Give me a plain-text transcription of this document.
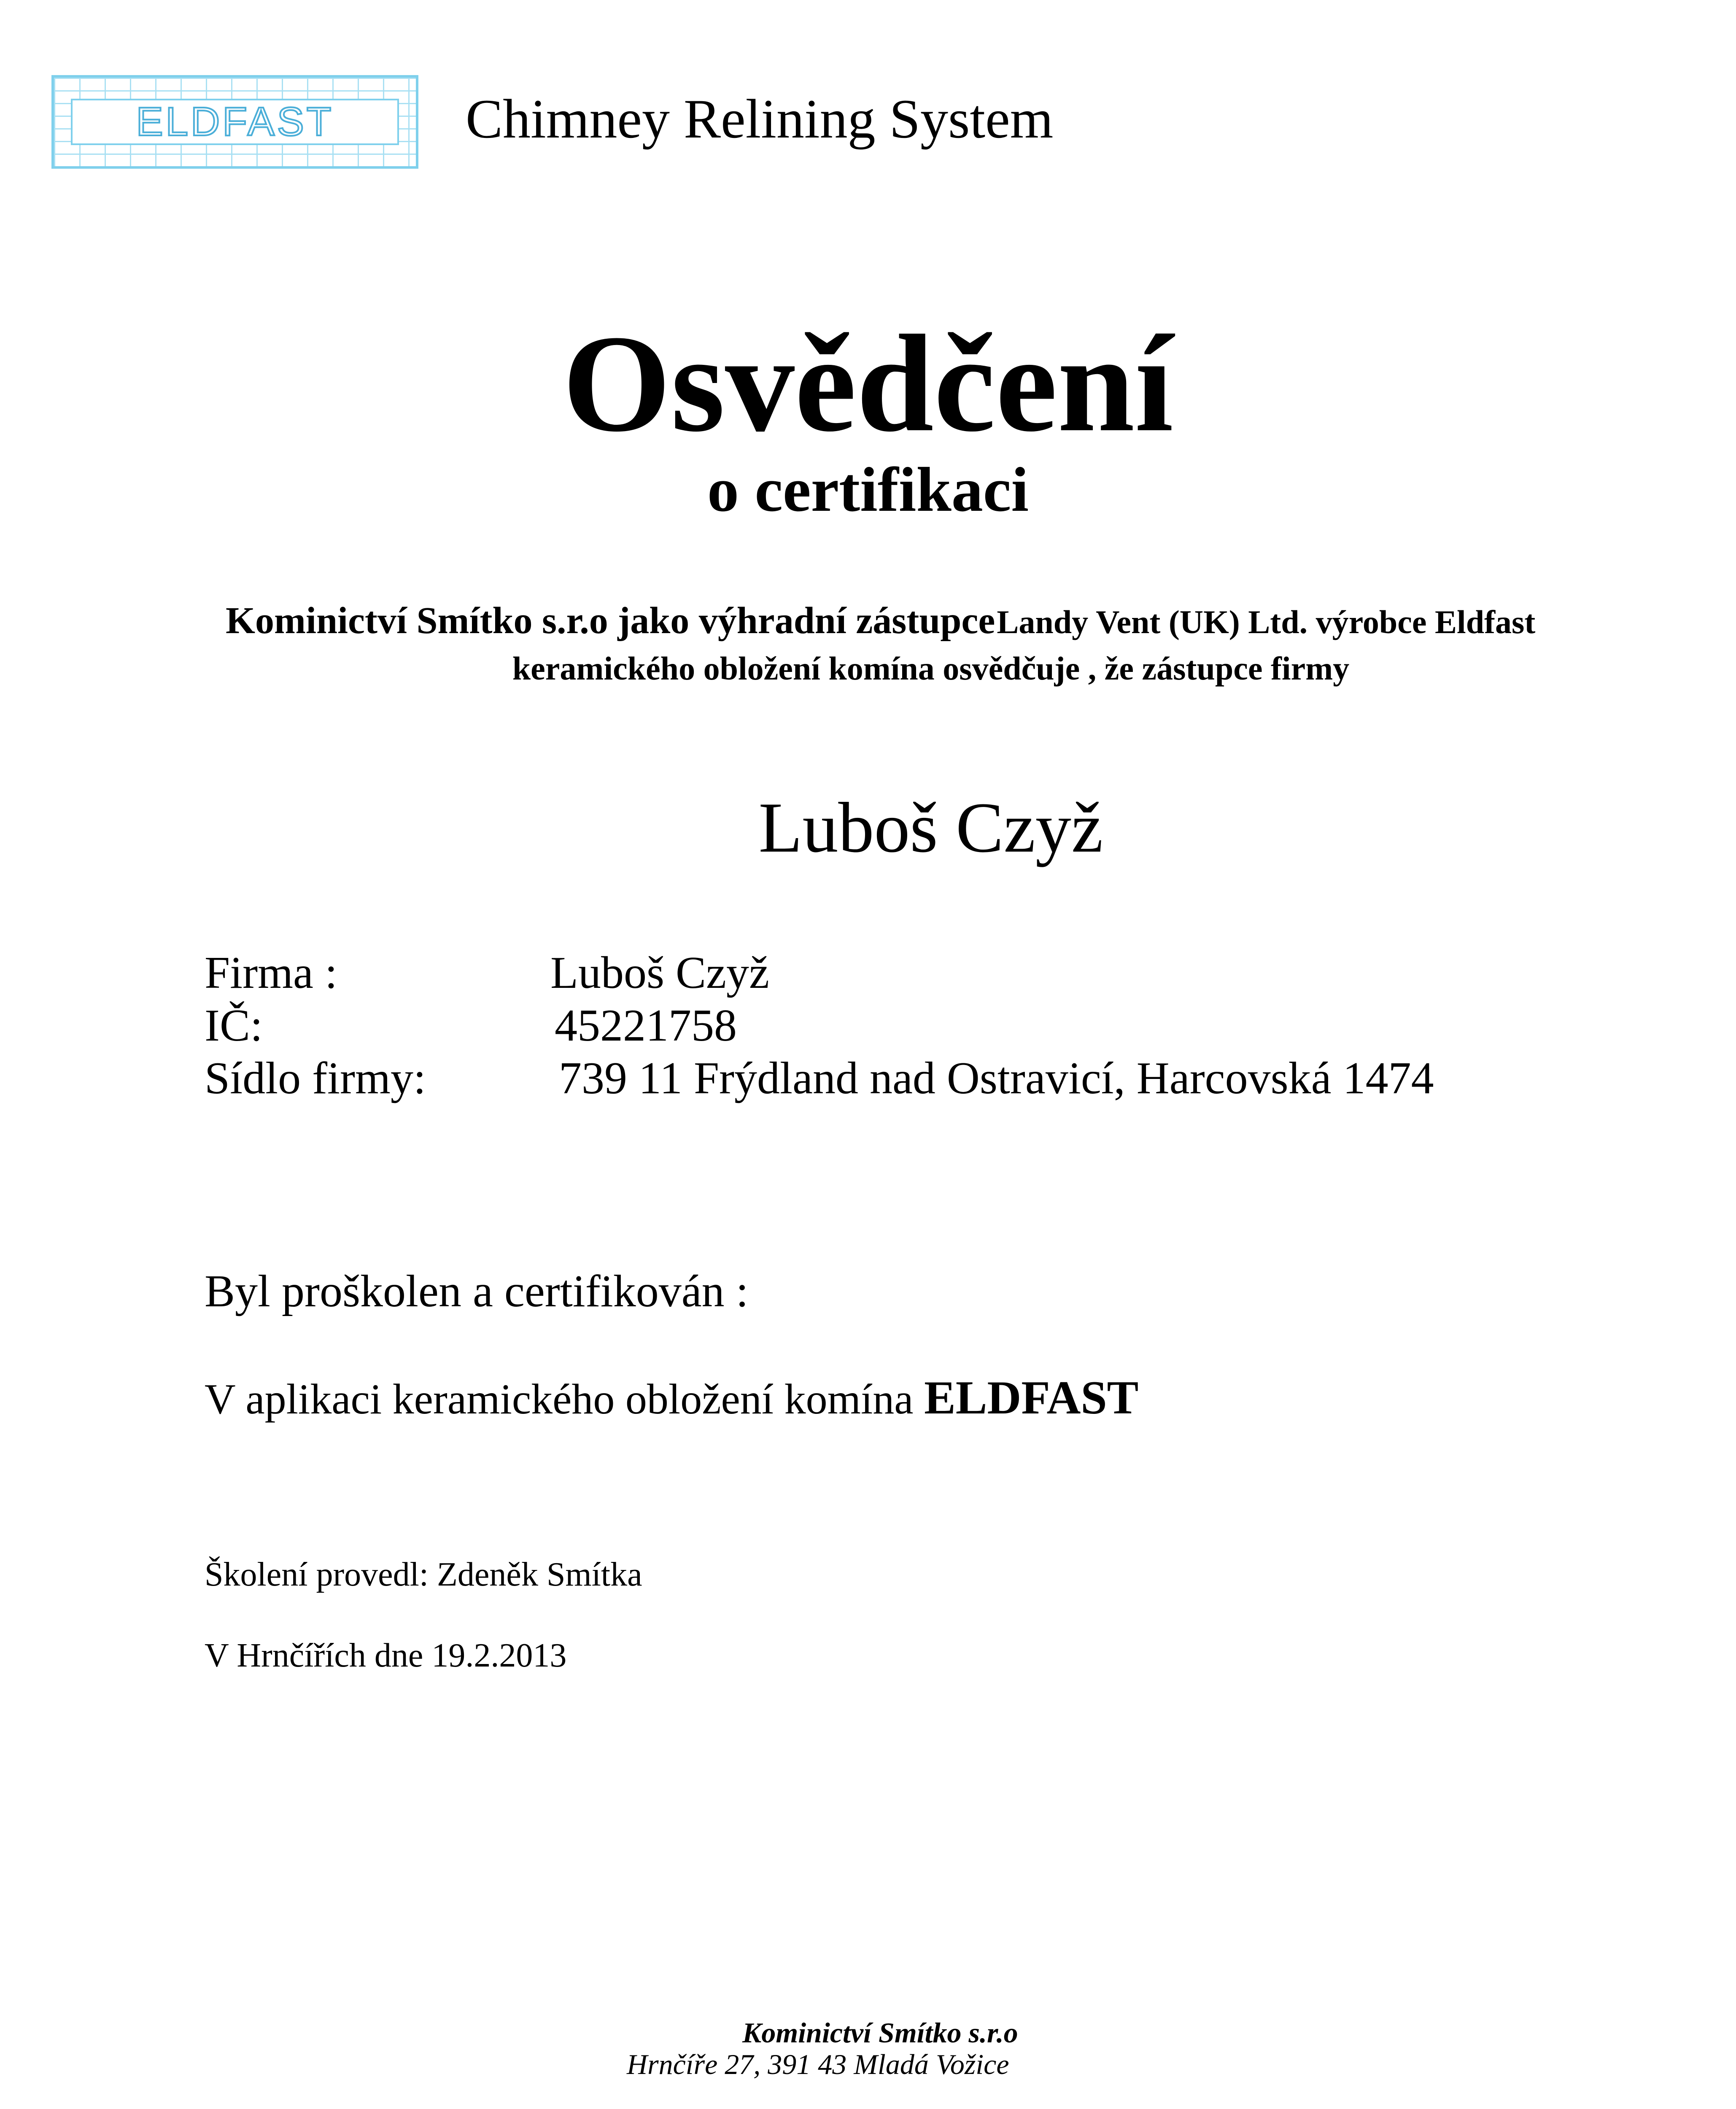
ELDFAST	Chimney Relining System
Osvědčení
o certifikaci
Kominictví Smítko s.r.o jako výhradní zástupce Landy Vent (UK) Ltd. výrobce Eldfast
keramického obložení komína osvědčuje , že zástupce firmy
Luboš Czyž
Firma :	Luboš Czyž
IČ:	45221758
Sídlo firmy:	739 11 Frýdland nad Ostravicí, Harcovská 1474
Byl proškolen a certifikován :
V aplikaci keramického obložení komína ELDFAST
Školení provedl: Zdeněk Smítka
V Hrnčířích dne 19.2.2013
Kominictví Smítko s.r.o
Hrnčíře 27, 391 43 Mladá Vožice
